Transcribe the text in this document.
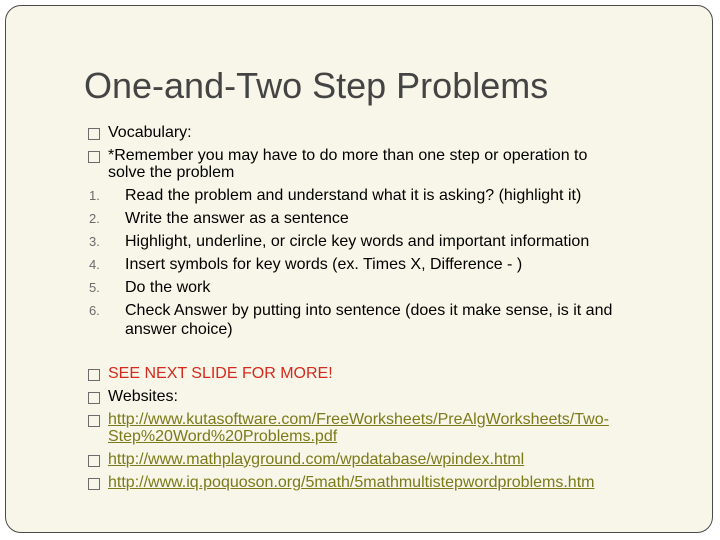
One-and-Two Step Problems
Vocabulary:
*Remember you may have to do more than one step or operation to
solve the problem
1. Read the problem and understand what it is asking? (highlight it)
2. Write the answer as a sentence
3. Highlight, underline, or circle key words and important information
4. Insert symbols for key words (ex. Times X, Difference - )
5. Do the work
6. Check Answer by putting into sentence (does it make sense, is it and
answer choice)
SEE NEXT SLIDE FOR MORE!
Websites:
http://www.kutasoftware.com/FreeWorksheets/PreAlgWorksheets/Two-
Step%20Word%20Problems.pdf
http://www.mathplayground.com/wpdatabase/wpindex.html
http://www.iq.poquoson.org/5math/5mathmultistepwordproblems.htm
